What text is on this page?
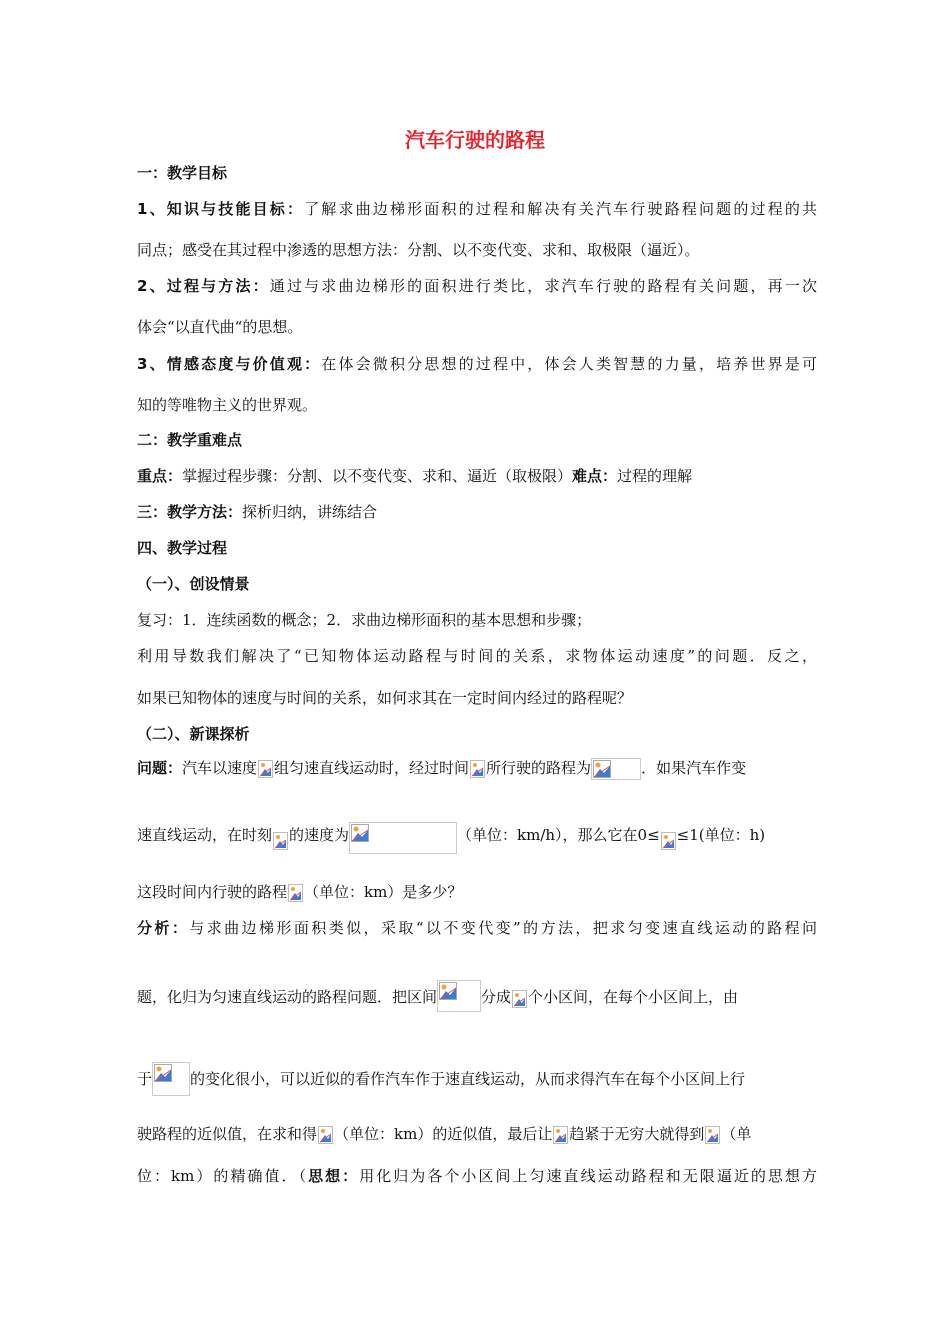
汽车行驶的路程
一：教学目标
1、知识与技能目标：了解求曲边梯形面积的过程和解决有关汽车行驶路程问题的过程的共
同点；感受在其过程中渗透的思想方法：分割、以不变代变、求和、取极限（逼近）。
2、过程与方法：通过与求曲边梯形的面积进行类比，求汽车行驶的路程有关问题，再一次
体会“以直代曲“的思想。
3、情感态度与价值观：在体会微积分思想的过程中，体会人类智慧的力量，培养世界是可
知的等唯物主义的世界观。
二：教学重难点
重点：掌握过程步骤：分割、以不变代变、求和、逼近（取极限）难点：过程的理解
三：教学方法：探析归纳，讲练结合
四、教学过程
（一）、创设情景
复习：1．连续函数的概念；2．求曲边梯形面积的基本思想和步骤；
利用导数我们解决了“已知物体运动路程与时间的关系，求物体运动速度”的问题．反之，
如果已知物体的速度与时间的关系，如何求其在一定时间内经过的路程呢？
（二）、新课探析
问题：汽车以速度 组匀速直线运动时，经过时间 所行驶的路程为	．如果汽车作变
速直线运动，在时刻 的速度为	（单位：km/h），那么它在0≤ ≤1(单位：h)
这段时间内行驶的路程 （单位：km）是多少？
分析：与求曲边梯形面积类似，采取“以不变代变”的方法，把求匀变速直线运动的路程问
题，化归为匀速直线运动的路程问题．把区间	分成 个小区间，在每个小区间上，由
于	的变化很小，可以近似的看作汽车作于速直线运动，从而求得汽车在每个小区间上行
驶路程的近似值，在求和得 （单位：km）的近似值，最后让 趋紧于无穷大就得到 （单
位：km）的精确值．（思想：用化归为各个小区间上匀速直线运动路程和无限逼近的思想方
